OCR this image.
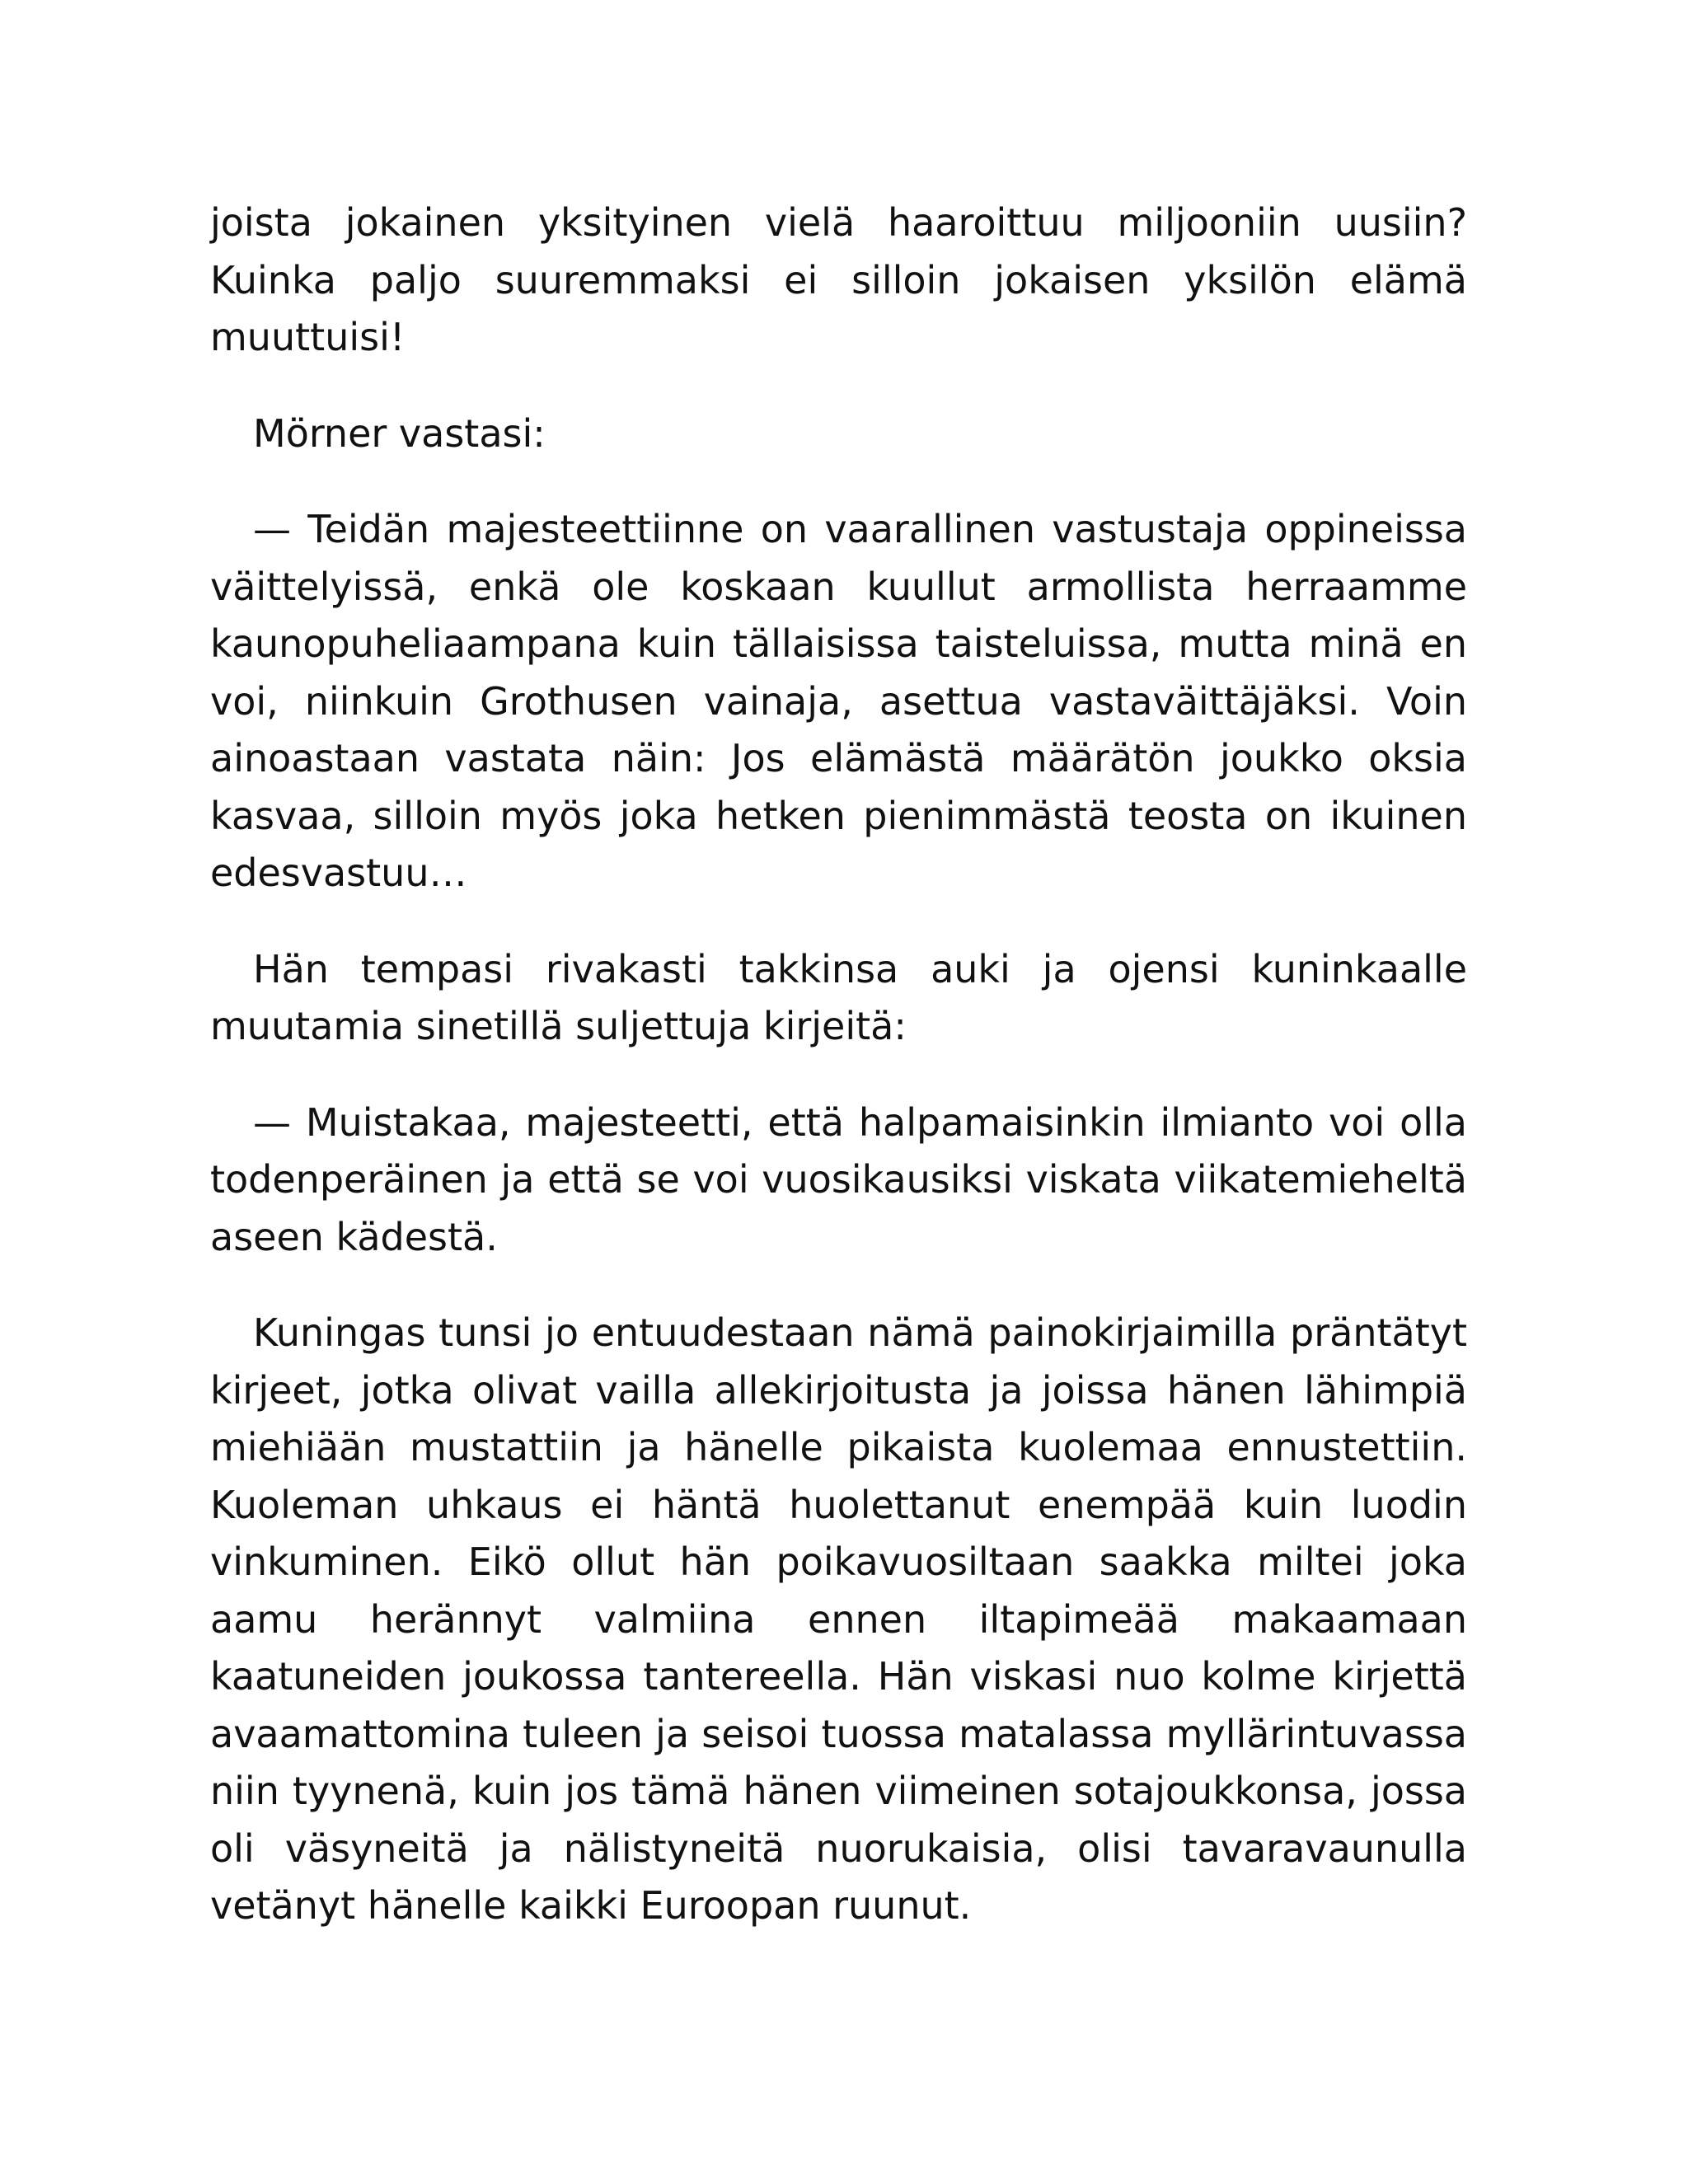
joista jokainen yksityinen vielä haaroittuu miljooniin uusiin? Kuinka paljo suuremmaksi ei silloin jokaisen yksilön elämä muuttuisi!

Mörner vastasi:

— Teidän majesteettiinne on vaarallinen vastustaja oppineissa väittelyissä, enkä ole koskaan kuullut armollista herraamme kaunopuheliaampana kuin tällaisissa taisteluissa, mutta minä en voi, niinkuin Grothusen vainaja, asettua vastaväittäjäksi. Voin ainoastaan vastata näin: Jos elämästä määrätön joukko oksia kasvaa, silloin myös joka hetken pienimmästä teosta on ikuinen edesvastuu…

Hän tempasi rivakasti takkinsa auki ja ojensi kuninkaalle muutamia sinetillä suljettuja kirjeitä:

— Muistakaa, majesteetti, että halpamaisinkin ilmianto voi olla todenperäinen ja että se voi vuosikausiksi viskata viikatemieheltä aseen kädestä.

Kuningas tunsi jo entuudestaan nämä painokirjaimilla präntätyt kirjeet, jotka olivat vailla allekirjoitusta ja joissa hänen lähimpiä miehiään mustattiin ja hänelle pikaista kuolemaa ennustettiin. Kuoleman uhkaus ei häntä huolettanut enempää kuin luodin vinkuminen. Eikö ollut hän poikavuosiltaan saakka miltei joka aamu herännyt valmiina ennen iltapimeää makaamaan kaatuneiden joukossa tantereella. Hän viskasi nuo kolme kirjettä avaamattomina tuleen ja seisoi tuossa matalassa myllärintuvassa niin tyynenä, kuin jos tämä hänen viimeinen sotajoukkonsa, jossa oli väsyneitä ja nälistyneitä nuorukaisia, olisi tavaravaunulla vetänyt hänelle kaikki Euroopan ruunut.
